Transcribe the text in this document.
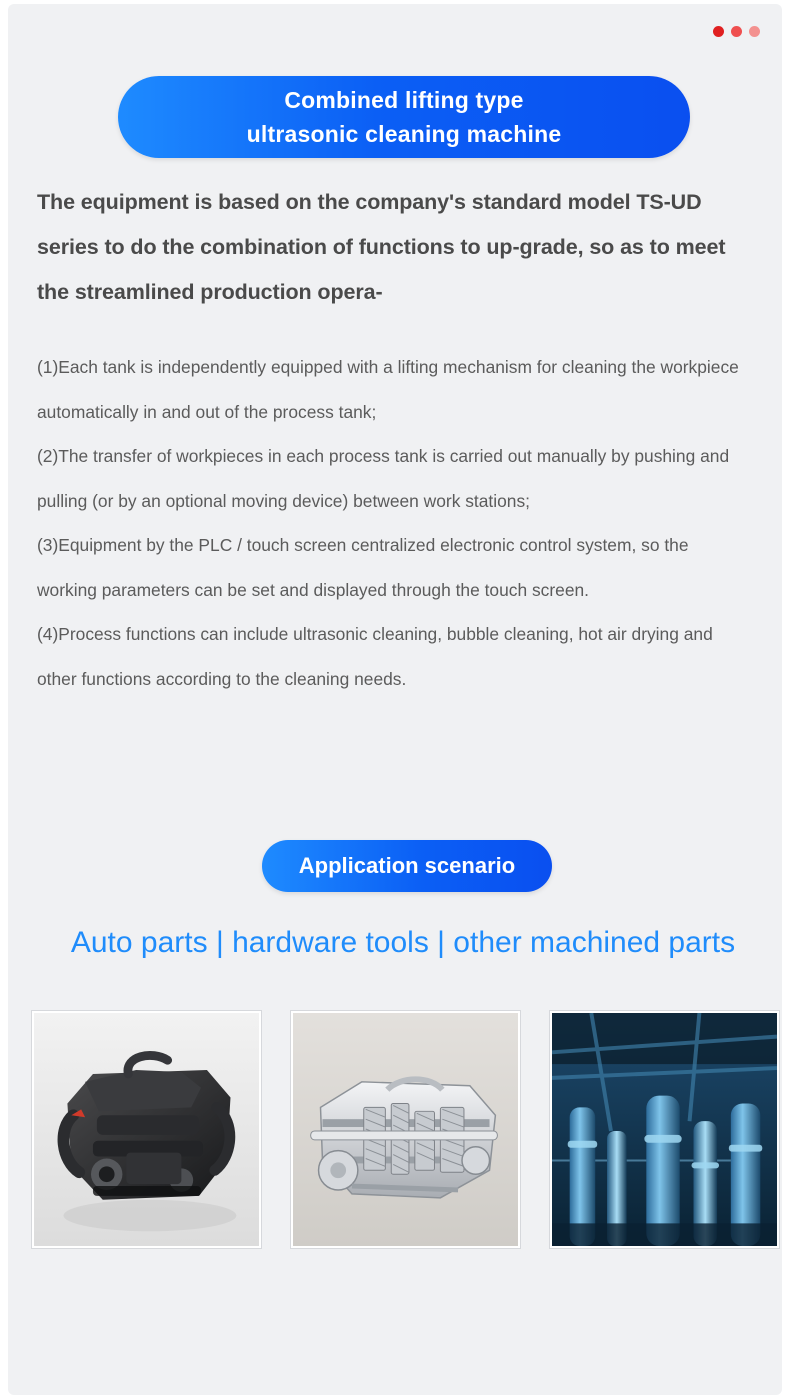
Combined lifting type
ultrasonic cleaning machine
The equipment is based on the company's standard model TS-UD series to do the combination of functions to up-grade, so as to meet the streamlined production opera-

(1)Each tank is independently equipped with a lifting mechanism for cleaning the workpiece automatically in and out of the process tank;

(2)The transfer of workpieces in each process tank is carried out manually by pushing and pulling (or by an optional moving device) between work stations;

(3)Equipment by the PLC / touch screen centralized electronic control system, so the working parameters can be set and displayed through the touch screen.

(4)Process functions can include ultrasonic cleaning, bubble cleaning, hot air drying and other functions according to the cleaning needs.

Application scenario
Auto parts | hardware tools | other machined parts
